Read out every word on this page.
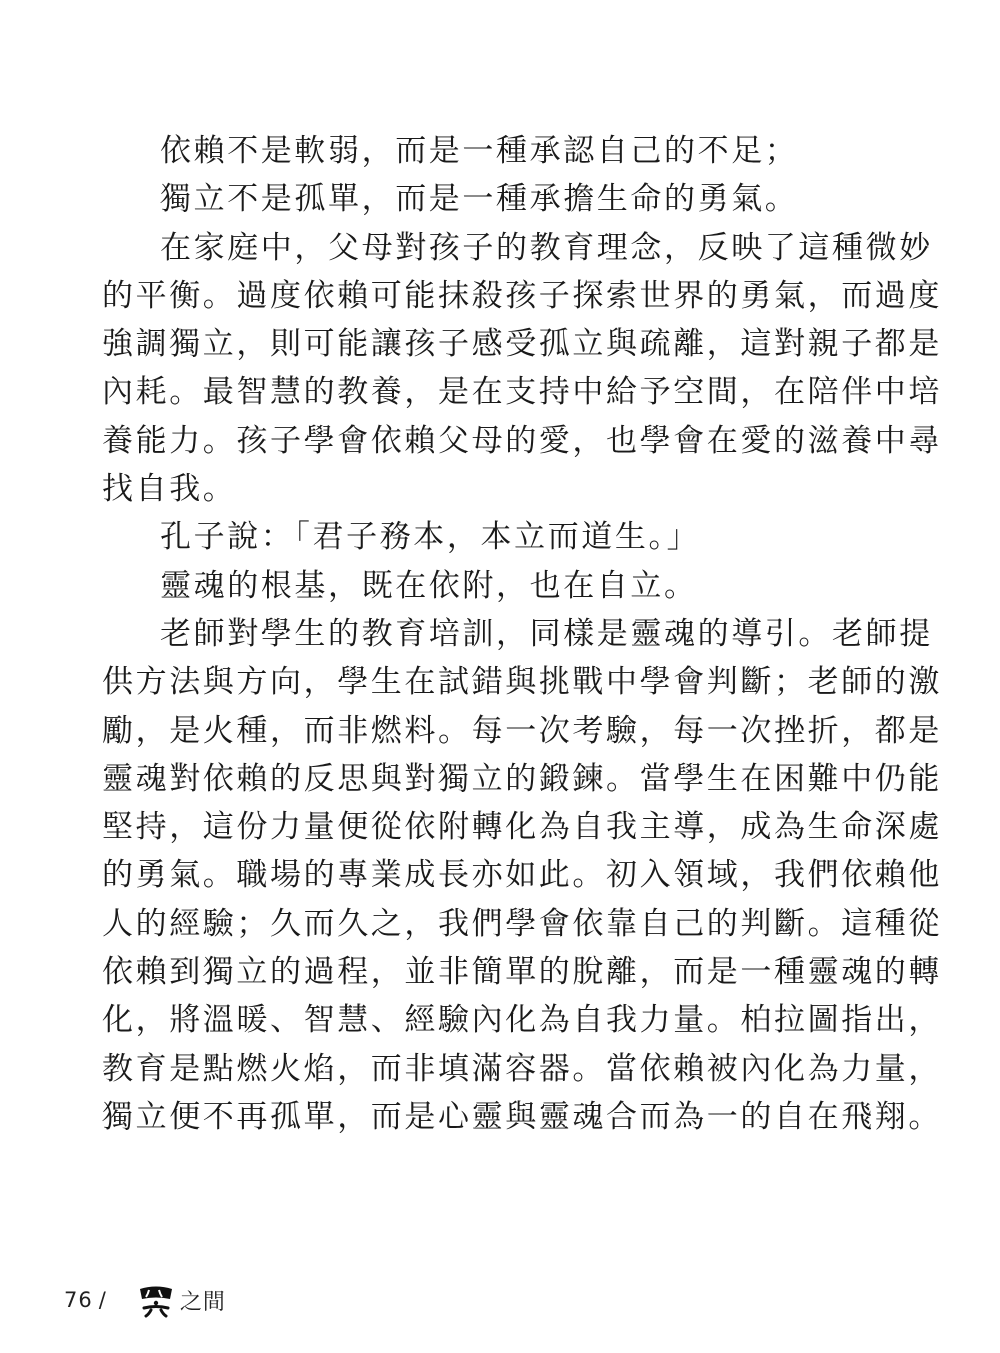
依賴不是軟弱，而是一種承認自己的不足；
獨立不是孤單，而是一種承擔生命的勇氣。
在家庭中，父母對孩子的教育理念，反映了這種微妙
的平衡。過度依賴可能抹殺孩子探索世界的勇氣，而過度
強調獨立，則可能讓孩子感受孤立與疏離，這對親子都是
內耗。最智慧的教養，是在支持中給予空間，在陪伴中培
養能力。孩子學會依賴父母的愛，也學會在愛的滋養中尋
找自我。
孔子說：「君子務本，本立而道生。」
靈魂的根基，既在依附，也在自立。
老師對學生的教育培訓，同樣是靈魂的導引。老師提
供方法與方向，學生在試錯與挑戰中學會判斷；老師的激
勵，是火種，而非燃料。每一次考驗，每一次挫折，都是
靈魂對依賴的反思與對獨立的鍛鍊。當學生在困難中仍能
堅持，這份力量便從依附轉化為自我主導，成為生命深處
的勇氣。職場的專業成長亦如此。初入領域，我們依賴他
人的經驗；久而久之，我們學會依靠自己的判斷。這種從
依賴到獨立的過程，並非簡單的脫離，而是一種靈魂的轉
化，將溫暖、智慧、經驗內化為自我力量。柏拉圖指出，
教育是點燃火焰，而非填滿容器。當依賴被內化為力量，
獨立便不再孤單，而是心靈與靈魂合而為一的自在飛翔。
76 /	之間
